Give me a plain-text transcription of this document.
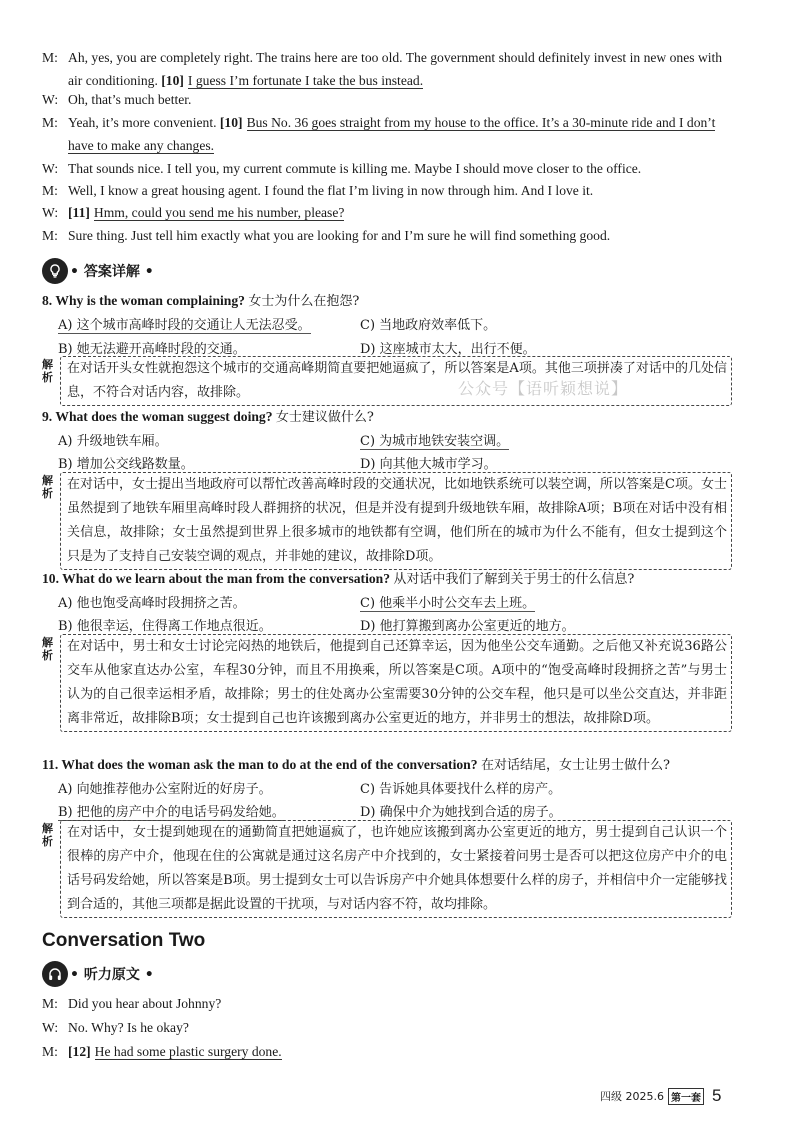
M: Ah, yes, you are completely right. The trains here are too old. The government should definitely invest in new ones with air conditioning. [10] I guess I’m fortunate I take the bus instead.
W: Oh, that’s much better.
M: Yeah, it’s more convenient. [10] Bus No. 36 goes straight from my house to the office. It’s a 30-minute ride and I don’t have to make any changes.
W: That sounds nice. I tell you, my current commute is killing me. Maybe I should move closer to the office.
M: Well, I know a great housing agent. I found the flat I’m living in now through him. And I love it.
W: [11] Hmm, could you send me his number, please?
M: Sure thing. Just tell him exactly what you are looking for and I’m sure he will find something good.
• 答案详解 •
8. Why is the woman complaining? 女士为什么在抱怨?
A) 这个城市高峰时段的交通让人无法忍受。	C) 当地政府效率低下。
B) 她无法避开高峰时段的交通。	D) 这座城市太大，出行不便。
解析
在对话开头女性就抱怨这个城市的交通高峰期简直要把她逼疯了，所以答案是A项。其他三项拼凑了对话中的几处信息，不符合对话内容，故排除。	公众号【语听颖想说】
9. What does the woman suggest doing? 女士建议做什么?
A) 升级地铁车厢。	C) 为城市地铁安装空调。
B) 增加公交线路数量。	D) 向其他大城市学习。
解析
在对话中，女士提出当地政府可以帮忙改善高峰时段的交通状况，比如地铁系统可以装空调，所以答案是C项。女士虽然提到了地铁车厢里高峰时段人群拥挤的状况，但是并没有提到升级地铁车厢，故排除A项；B项在对话中没有相关信息，故排除；女士虽然提到世界上很多城市的地铁都有空调，他们所在的城市为什么不能有，但女士提到这个只是为了支持自己安装空调的观点，并非她的建议，故排除D项。
10. What do we learn about the man from the conversation? 从对话中我们了解到关于男士的什么信息?
A) 他也饱受高峰时段拥挤之苦。	C) 他乘半小时公交车去上班。
B) 他很幸运，住得离工作地点很近。	D) 他打算搬到离办公室更近的地方。
解析
在对话中，男士和女士讨论完闷热的地铁后，他提到自己还算幸运，因为他坐公交车通勤。之后他又补充说36路公交车从他家直达办公室，车程30分钟，而且不用换乘，所以答案是C项。A项中的“饱受高峰时段拥挤之苦”与男士认为的自己很幸运相矛盾，故排除；男士的住处离办公室需要30分钟的公交车程，他只是可以坐公交直达，并非距离非常近，故排除B项；女士提到自己也许该搬到离办公室更近的地方，并非男士的想法，故排除D项。
11. What does the woman ask the man to do at the end of the conversation? 在对话结尾，女士让男士做什么?
A) 向她推荐他办公室附近的好房子。	C) 告诉她具体要找什么样的房产。
B) 把他的房产中介的电话号码发给她。	D) 确保中介为她找到合适的房子。
解析
在对话中，女士提到她现在的通勤简直把她逼疯了，也许她应该搬到离办公室更近的地方，男士提到自己认识一个很棒的房产中介，他现在住的公寓就是通过这名房产中介找到的，女士紧接着问男士是否可以把这位房产中介的电话号码发给她，所以答案是B项。男士提到女士可以告诉房产中介她具体想要什么样的房子，并相信中介一定能够找到合适的，其他三项都是据此设置的干扰项，与对话内容不符，故均排除。
Conversation Two
• 听力原文 •
M: Did you hear about Johnny?
W: No. Why? Is he okay?
M: [12] He had some plastic surgery done.
四级 2025.6 第一套 5
